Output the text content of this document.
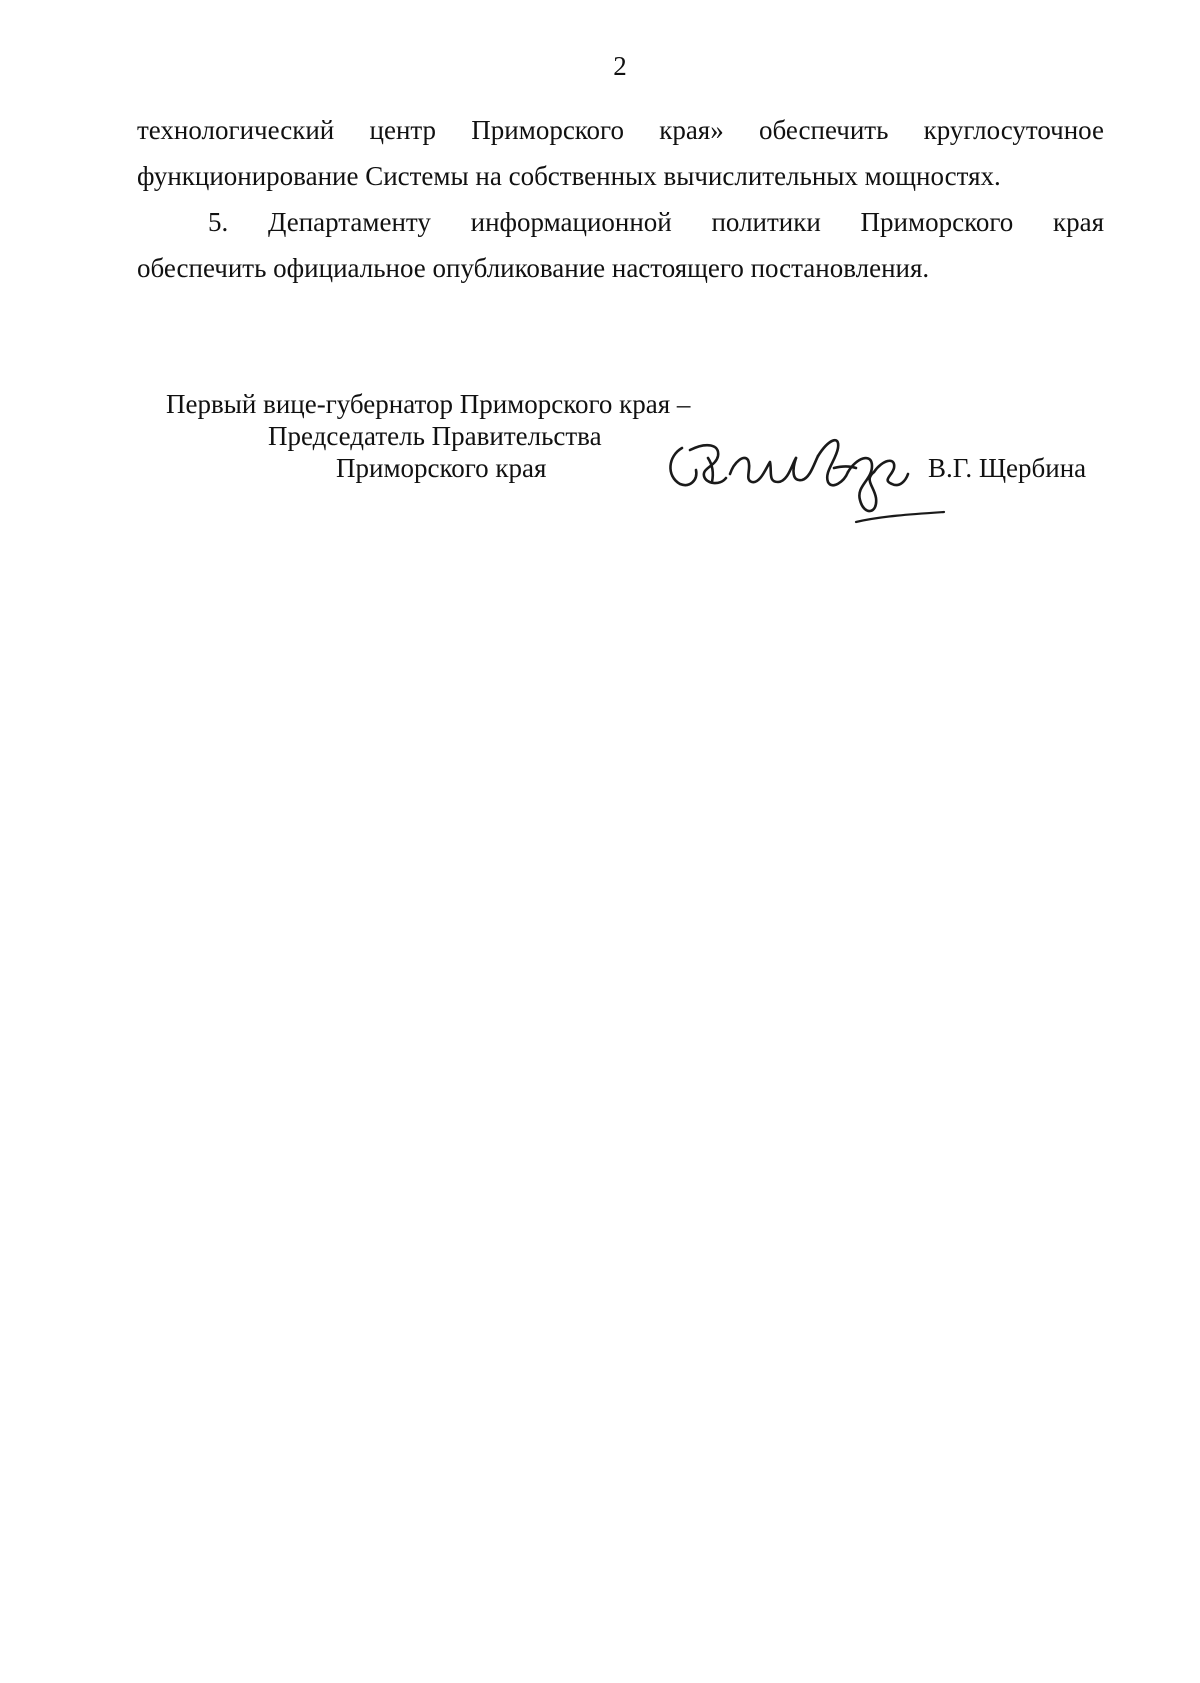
2

технологический центр Приморского края» обеспечить круглосуточное
функционирование Системы на собственных вычислительных мощностях.

5. Департаменту информационной политики Приморского края
обеспечить официальное опубликование настоящего постановления.

Первый вице-губернатор Приморского края –
Председатель Правительства
Приморского края	В.Г. Щербина
